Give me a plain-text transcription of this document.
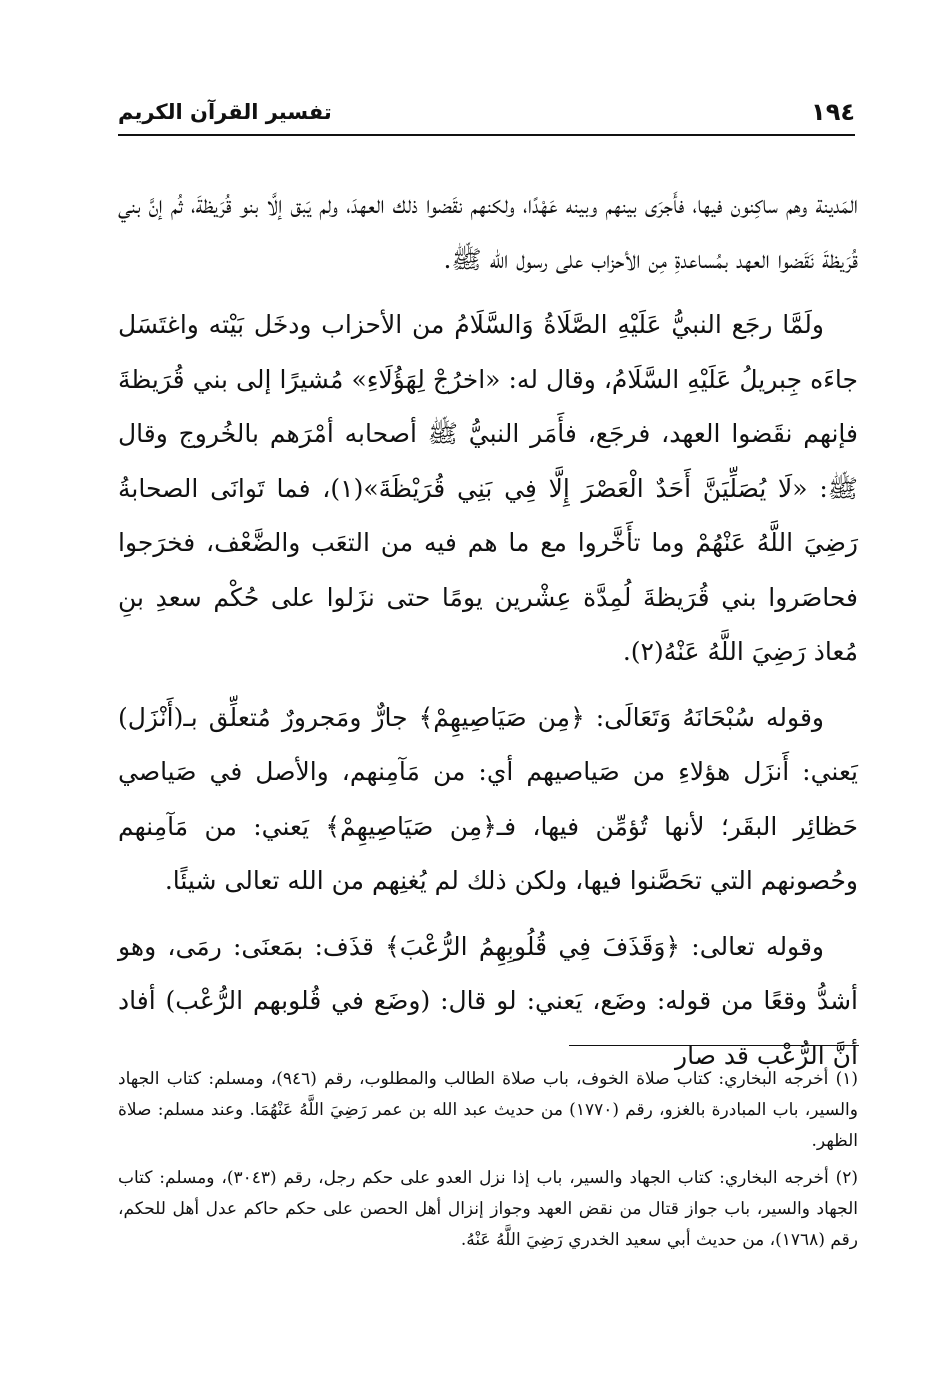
١٩٤
تفسير القرآن الكريم

المَدينة وهم ساكِنون فيها، فأَجرَى بينهم وبينه عَهْدًا، ولكنهم نقَضوا ذلك العهدَ، ولم يَبق إلَّا بنو قُرَيظةَ، ثُم إنَّ بني قُرَيظةَ نَقَضوا العهد بمُساعدةِ مِن الأحزاب على رسول الله ﷺ.

ولَمَّا رجَع النبيُّ عَلَيْهِ الصَّلَاةُ وَالسَّلَامُ من الأحزاب ودخَل بَيْته واغتَسَل جاءَه جِبريلُ عَلَيْهِ السَّلَامُ، وقال له: «اخرُجْ لِهَؤُلَاءِ» مُشيرًا إلى بني قُرَيظةَ فإنهم نقَضوا العهد، فرجَع، فأَمَر النبيُّ ﷺ أصحابه أمْرَهم بالخُروج وقال ﷺ: «لَا يُصَلِّيَنَّ أَحَدٌ الْعَصْرَ إِلَّا فِي بَنِي قُرَيْظَةَ»(١)، فما تَوانَى الصحابةُ رَضِيَ اللَّهُ عَنْهُمْ وما تأَخَّروا مع ما هم فيه من التعَب والضَّعْف، فخرَجوا فحاصَروا بني قُرَيظةَ لُمِدَّة عِشْرين يومًا حتى نزَلوا على حُكْم سعدِ بنِ مُعاذ رَضِيَ اللَّهُ عَنْهُ(٢).

وقوله سُبْحَانَهُ وَتَعَالَى: ﴿مِن صَيَاصِيهِمْ﴾ جارٌّ ومَجرورٌ مُتعلِّق بـ(أَنْزَل) يَعني: أَنزَل هؤلاءِ من صَياصيهم أي: من مَآمِنهم، والأصل في صَياصي حَظائِر البقَر؛ لأنها تُؤمِّن فيها، فـ﴿مِن صَيَاصِيهِمْ﴾ يَعني: من مَآمِنهم وحُصونهم التي تحَصَّنوا فيها، ولكن ذلك لم يُغنِهم من الله تعالى شيئًا.

وقوله تعالى: ﴿وَقَذَفَ فِي قُلُوبِهِمُ الرُّعْبَ﴾ قذَف: بمَعنَى: رمَى، وهو أشدُّ وقعًا من قوله: وضَع، يَعني: لو قال: (وضَع في قُلوبهم الرُّعْب) أفاد أنَّ الرُّعْب قد صار

(١) أخرجه البخاري: كتاب صلاة الخوف، باب صلاة الطالب والمطلوب، رقم (٩٤٦)، ومسلم: كتاب الجهاد والسير، باب المبادرة بالغزو، رقم (١٧٧٠) من حديث عبد الله بن عمر رَضِيَ اللَّهُ عَنْهُمَا. وعند مسلم: صلاة الظهر.

(٢) أخرجه البخاري: كتاب الجهاد والسير، باب إذا نزل العدو على حكم رجل، رقم (٣٠٤٣)، ومسلم: كتاب الجهاد والسير، باب جواز قتال من نقض العهد وجواز إنزال أهل الحصن على حكم حاكم عدل أهل للحكم، رقم (١٧٦٨)، من حديث أبي سعيد الخدري رَضِيَ اللَّهُ عَنْهُ.
